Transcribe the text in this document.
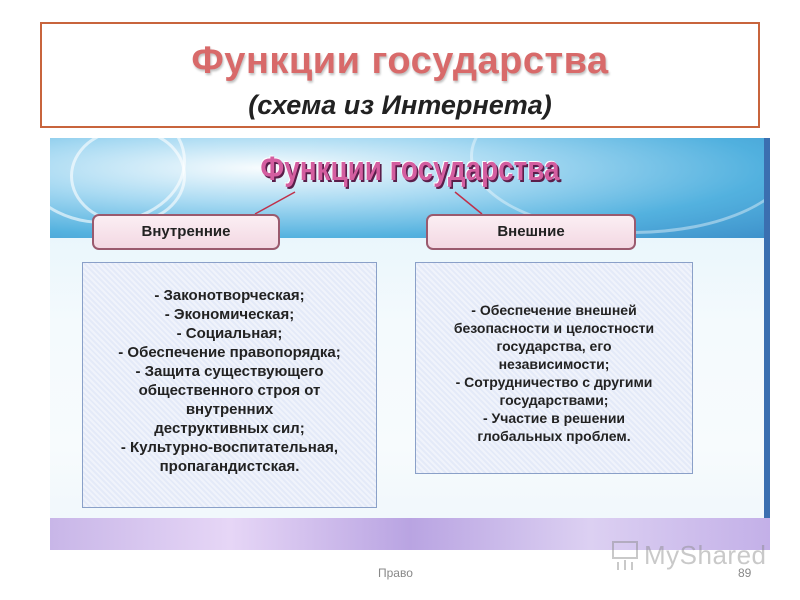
Функции государства
(схема из Интернета)
Функции государства
Внутренние	Внешние
- Законотворческая;
- Экономическая;
- Социальная;
- Обеспечение правопорядка;
- Защита существующего
общественного строя от
внутренних
деструктивных сил;
- Культурно-воспитательная,
пропагандистская.
- Обеспечение внешней
безопасности и целостности
государства, его
независимости;
- Сотрудничество с другими
государствами;
- Участие в решении
глобальных проблем.
MyShared
Право	89
